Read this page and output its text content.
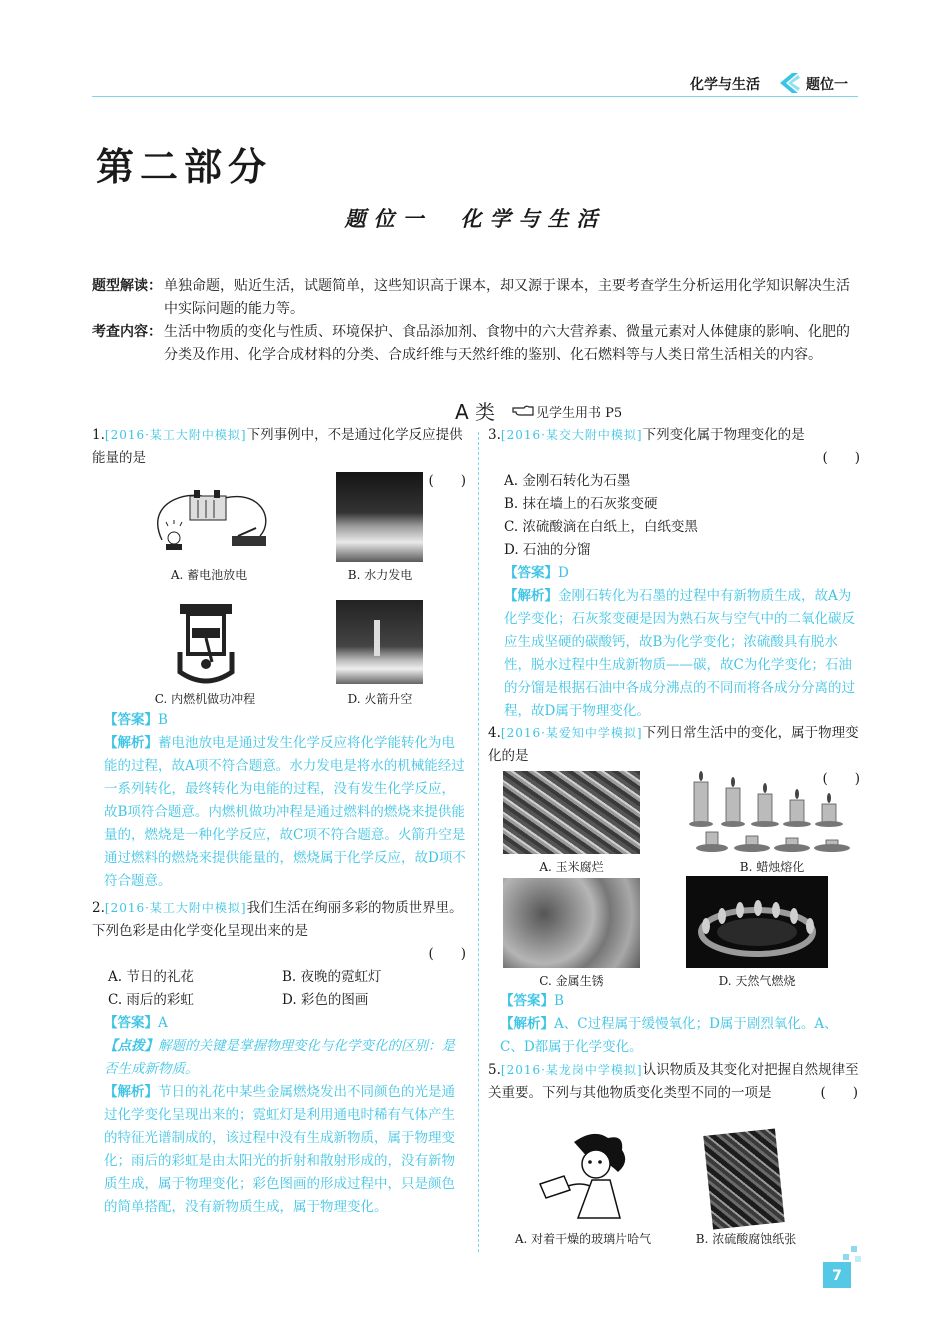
化学与生活	题位一
第二部分
题位一　化学与生活
题型解读： 单独命题，贴近生活，试题简单，这些知识高于课本，却又源于课本，主要考查学生分析运用化学知识解决生活中实际问题的能力等。
考查内容： 生活中物质的变化与性质、环境保护、食品添加剂、食物中的六大营养素、微量元素对人体健康的影响、化肥的分类及作用、化学合成材料的分类、合成纤维与天然纤维的鉴别、化石燃料等与人类日常生活相关的内容。
A 类	见学生用书 P5

1.[2016·某工大附中模拟]下列事例中，不是通过化学反应提供能量的是

(　　)

A. 蓄电池放电	B. 水力发电
C. 内燃机做功冲程	D. 火箭升空
【答案】B
【解析】蓄电池放电是通过发生化学反应将化学能转化为电能的过程，故A项不符合题意。水力发电是将水的机械能经过一系列转化，最终转化为电能的过程，没有发生化学反应，故B项符合题意。内燃机做功冲程是通过燃料的燃烧来提供能量的，燃烧是一种化学反应，故C项不符合题意。火箭升空是通过燃料的燃烧来提供能量的，燃烧属于化学反应，故D项不符合题意。

2.[2016·某工大附中模拟]我们生活在绚丽多彩的物质世界里。下列色彩是由化学变化呈现出来的是

(　　)

A. 节日的礼花	B. 夜晚的霓虹灯
C. 雨后的彩虹	D. 彩色的图画
【答案】A
【点拨】解题的关键是掌握物理变化与化学变化的区别：是否生成新物质。
【解析】节日的礼花中某些金属燃烧发出不同颜色的光是通过化学变化呈现出来的；霓虹灯是利用通电时稀有气体产生的特征光谱制成的，该过程中没有生成新物质，属于物理变化；雨后的彩虹是由太阳光的折射和散射形成的，没有新物质生成，属于物理变化；彩色图画的形成过程中，只是颜色的简单搭配，没有新物质生成，属于物理变化。

3.[2016·某交大附中模拟]下列变化属于物理变化的是

(　　)

A. 金刚石转化为石墨
B. 抹在墙上的石灰浆变硬
C. 浓硫酸滴在白纸上，白纸变黑
D. 石油的分馏
【答案】D
【解析】金刚石转化为石墨的过程中有新物质生成，故A为化学变化；石灰浆变硬是因为熟石灰与空气中的二氧化碳反应生成坚硬的碳酸钙，故B为化学变化；浓硫酸具有脱水性，脱水过程中生成新物质——碳，故C为化学变化；石油的分馏是根据石油中各成分沸点的不同而将各成分分离的过程，故D属于物理变化。

4.[2016·某爱知中学模拟]下列日常生活中的变化，属于物理变化的是

(　　)

A. 玉米腐烂	B. 蜡烛熔化
C. 金属生锈	D. 天然气燃烧
【答案】B
【解析】A、C过程属于缓慢氧化；D属于剧烈氧化。A、C、D都属于化学变化。

5.[2016·某龙岗中学模拟]认识物质及其变化对把握自然规律至关重要。下列与其他物质变化类型不同的一项是	(　　)

A. 对着干燥的玻璃片哈气	B. 浓硫酸腐蚀纸张
7
